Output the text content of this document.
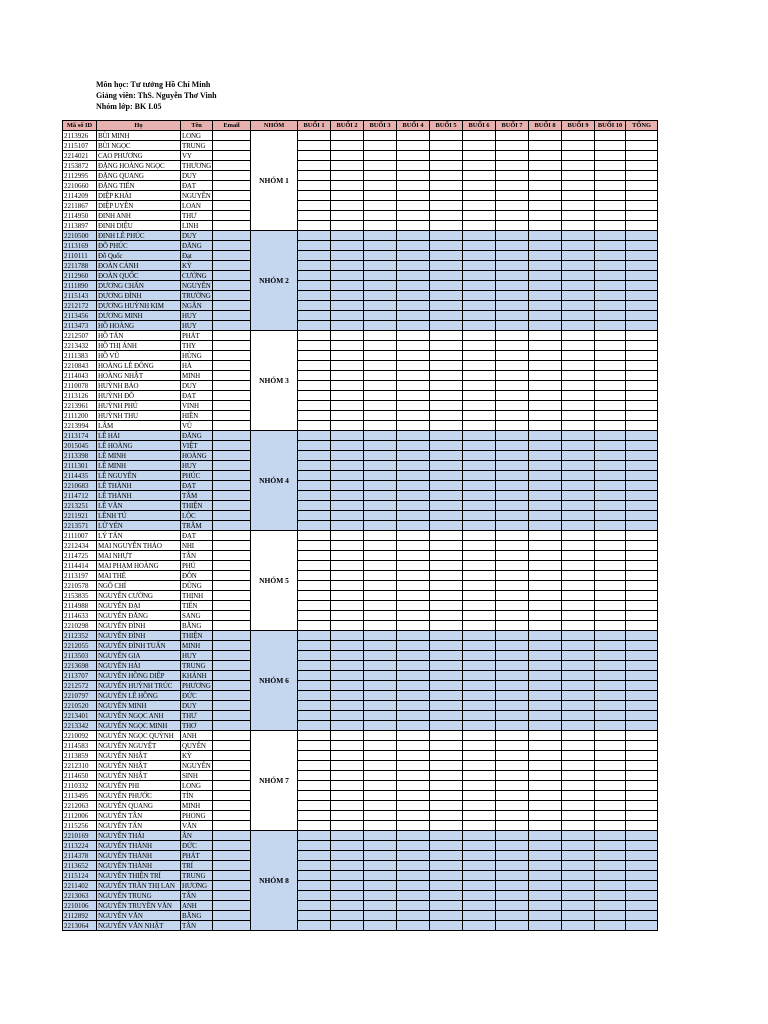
Môn học: Tư tưởng Hồ Chí Minh
Giảng viên: ThS. Nguyễn Thơ Vinh
Nhóm lớp: BK L05
Mã số ID	Họ	Tên	Email	NHÓM	BUỔI 1	BUỔI 2	BUỔI 3	BUỔI 4	BUỔI 5	BUỔI 6	BUỔI 7	BUỔI 8	BUỔI 9	BUỔI 10	TỔNG
2113926	BÙI MINH	LONG		NHÓM 1											
2115107	BÙI NGỌC	TRUNG													
2214021	CAO PHƯƠNG	VY													
2153872	ĐẶNG HOÀNG NGỌC	THƯƠNG													
2112995	ĐẶNG QUANG	DUY													
2210660	ĐẶNG TIẾN	ĐẠT													
2114209	DIỆP KHẢI	NGUYÊN													
2211867	DIỆP UYÊN	LOAN													
2114950	ĐINH ANH	THƯ													
2113897	ĐINH DIỆU	LINH													
2210500	ĐINH LÊ PHÚC	DUY		NHÓM 2											
2113169	ĐỖ PHÚC	ĐĂNG													
2110111	Đỗ Quốc	Đạt													
2211788	ĐOÀN CẢNH	KỲ													
2112960	ĐOÀN QUỐC	CƯỜNG													
2111890	DƯƠNG CHẤN	NGUYÊN													
2115143	DƯƠNG ĐÌNH	TRƯỜNG													
2212172	DƯƠNG HUỲNH KIM	NGÂN													
2113456	DƯƠNG MINH	HUY													
2113473	HỒ HOÀNG	HUY													
2212507	HỒ TẤN	PHÁT		NHÓM 3											
2213432	HỒ THỊ ÁNH	THY													
2111383	HỒ VŨ	HÙNG													
2210843	HOÀNG LÊ ĐÔNG	HÀ													
2114043	HOÀNG NHẬT	MINH													
2110078	HUỲNH BẢO	DUY													
2113126	HUỲNH ĐỖ	ĐẠT													
2213961	HUỲNH PHÚ	VINH													
2111200	HUỲNH THU	HIỀN													
2213994	LÂM	VŨ													
2113174	LÊ HẢI	ĐĂNG		NHÓM 4											
2015045	LÊ HOÀNG	VIỆT													
2113398	LÊ MINH	HOÀNG													
2111301	LÊ MINH	HUY													
2114435	LÊ NGUYÊN	PHÚC													
2210683	LÊ THÀNH	ĐẠT													
2114712	LÊ THÀNH	TÂM													
2213251	LÊ VĂN	THIỆN													
2211921	LÊNH TÚ	LỘC													
2213571	LỮ YẾN	TRÂM													
2111007	LÝ TẤN	ĐẠT		NHÓM 5											
2212434	MAI NGUYỄN THẢO	NHI													
2114725	MAI NHỰT	TÂN													
2114414	MAI PHẠM HOÀNG	PHÚ													
2113197	MAI THẾ	ĐÔN													
2210578	NGÔ CHÍ	DŨNG													
2153835	NGUYỄN CƯỜNG	THỊNH													
2114988	NGUYỄN ĐẠI	TIẾN													
2114633	NGUYỄN ĐĂNG	SANG													
2210298	NGUYỄN ĐÌNH	BẰNG													
2112352	NGUYỄN ĐÌNH	THIỆN		NHÓM 6											
2212055	NGUYỄN ĐÌNH TUẤN	MINH													
2113503	NGUYỄN GIA	HUY													
2213698	NGUYỄN HẢI	TRUNG													
2113707	NGUYỄN HỒNG DIỆP	KHÁNH													
2212572	NGUYỄN HUỲNH TRÚC	PHƯƠNG													
2210797	NGUYỄN LÊ HỒNG	ĐỨC													
2210520	NGUYỄN MINH	DUY													
2213401	NGUYỄN NGỌC ANH	THƯ													
2213342	NGUYỄN NGỌC MINH	THƠ													
2210092	NGUYỄN NGỌC QUỲNH	ANH		NHÓM 7											
2114583	NGUYỄN NGUYỆT	QUYÊN													
2113859	NGUYỄN NHẬT	KỲ													
2212310	NGUYỄN NHẬT	NGUYÊN													
2114650	NGUYỄN NHẬT	SINH													
2110332	NGUYỄN PHI	LONG													
2113495	NGUYỄN PHƯỚC	TÍN													
2212063	NGUYỄN QUANG	MINH													
2112006	NGUYỄN TÂN	PHONG													
2115256	NGUYỄN TẤN	VĂN													
2210169	NGUYỄN THÁI	ÂN		NHÓM 8											
2113224	NGUYỄN THÀNH	ĐỨC													
2114378	NGUYỄN THÀNH	PHÁT													
2113652	NGUYỄN THÀNH	TRÍ													
2115124	NGUYỄN THIỆN TRÍ	TRUNG													
2211402	NGUYỄN TRẦN THỊ LAN	HƯƠNG													
2213063	NGUYỄN TRUNG	TÂN													
2210106	NGUYỄN TRUYỀN VĂN	ANH													
2112892	NGUYỄN VĂN	BẰNG													
2213064	NGUYỄN VĂN NHẬT	TÂN													
